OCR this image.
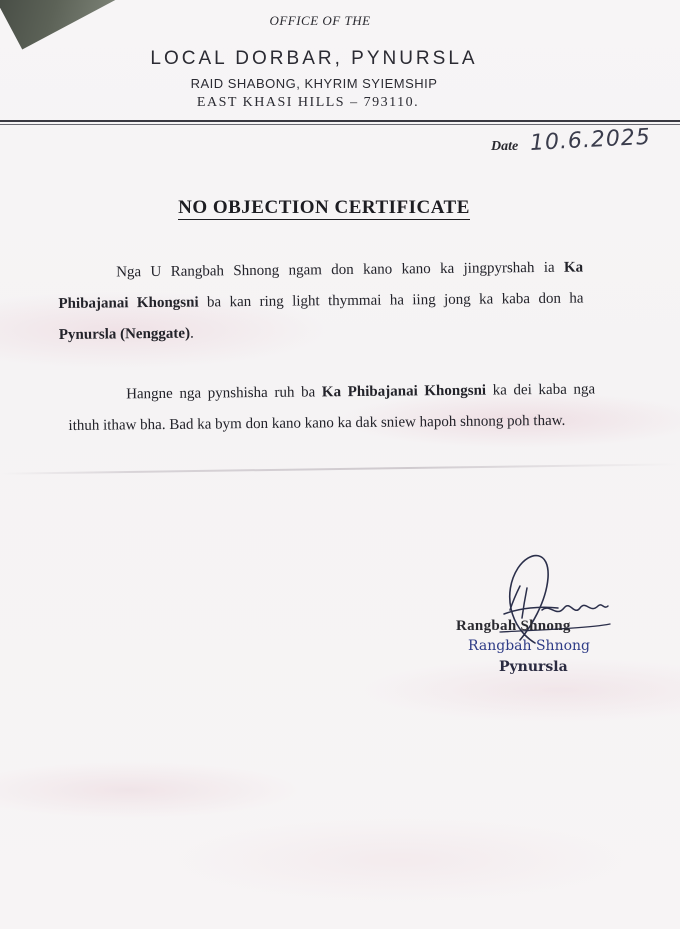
OFFICE OF THE
LOCAL DORBAR, PYNURSLA
RAID SHABONG, KHYRIM SYIEMSHIP
EAST KHASI HILLS – 793110.
Date 10.6.2025
NO OBJECTION CERTIFICATE
Nga U Rangbah Shnong ngam don kano kano ka jingpyrshah ia Ka Phibajanai Khongsni ba kan ring light thymmai ha iing jong ka kaba don ha Pynursla (Nenggate).
Hangne nga pynshisha ruh ba Ka Phibajanai Khongsni ka dei kaba nga ithuh ithaw bha. Bad ka bym don kano kano ka dak sniew hapoh shnong poh thaw.
Rangbah Shnong
Rangbah Shnong
Pynursla
